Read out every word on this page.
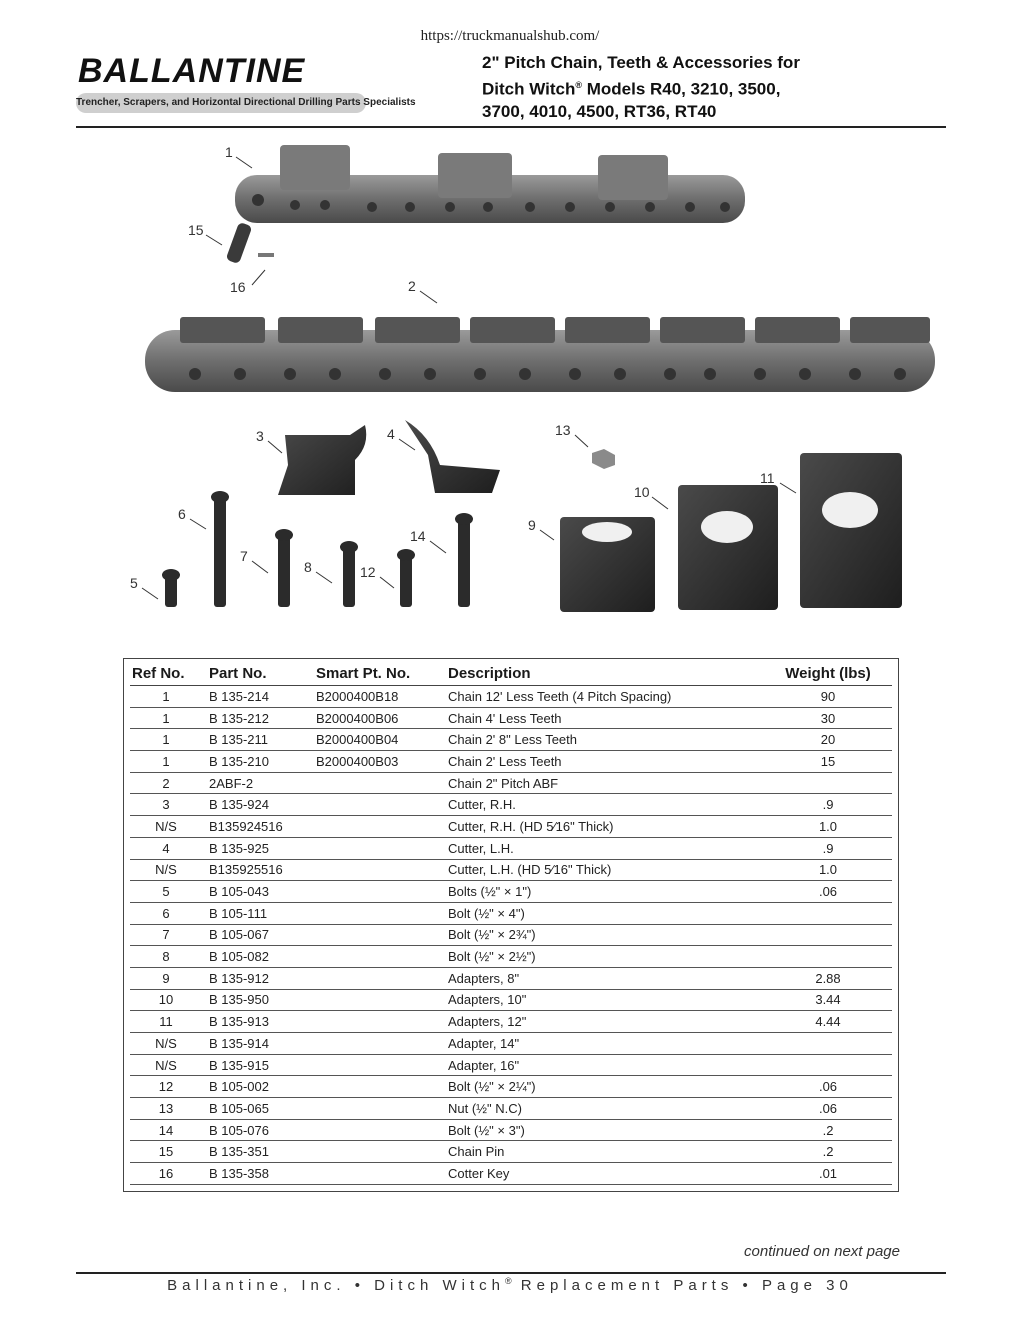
https://truckmanualshub.com/
BALLANTINE
Trencher, Scrapers, and Horizontal Directional Drilling Parts Specialists
2" Pitch Chain, Teeth & Accessories for
Ditch Witch® Models R40, 3210, 3500,
3700, 4010, 4500, RT36, RT40
1
15
16	2
3	4	13
11
10
6
9
14
7
8	12
5
Ref No.	Part No.	Smart Pt. No.	Description	Weight (lbs)
1	B 135-214	B2000400B18	Chain 12' Less Teeth (4 Pitch Spacing)	90
1	B 135-212	B2000400B06	Chain 4' Less Teeth	30
1	B 135-211	B2000400B04	Chain 2' 8" Less Teeth	20
1	B 135-210	B2000400B03	Chain 2' Less Teeth	15
2	2ABF-2		Chain 2" Pitch ABF	
3	B 135-924		Cutter, R.H.	.9
N/S	B135924516		Cutter, R.H. (HD 5⁄16" Thick)	1.0
4	B 135-925		Cutter, L.H.	.9
N/S	B135925516		Cutter, L.H. (HD 5⁄16" Thick)	1.0
5	B 105-043		Bolts (½" × 1")	.06
6	B 105-111		Bolt (½" × 4")	
7	B 105-067		Bolt (½" × 2¾")	
8	B 105-082		Bolt (½" × 2½")	
9	B 135-912		Adapters, 8"	2.88
10	B 135-950		Adapters, 10"	3.44
11	B 135-913		Adapters, 12"	4.44
N/S	B 135-914		Adapter, 14"	
N/S	B 135-915		Adapter, 16"	
12	B 105-002		Bolt (½" × 2¼")	.06
13	B 105-065		Nut (½" N.C)	.06
14	B 105-076		Bolt (½" × 3")	.2
15	B 135-351		Chain Pin	.2
16	B 135-358		Cotter Key	.01
continued on next page
Ballantine, Inc. • Ditch Witch® Replacement Parts • Page 30
